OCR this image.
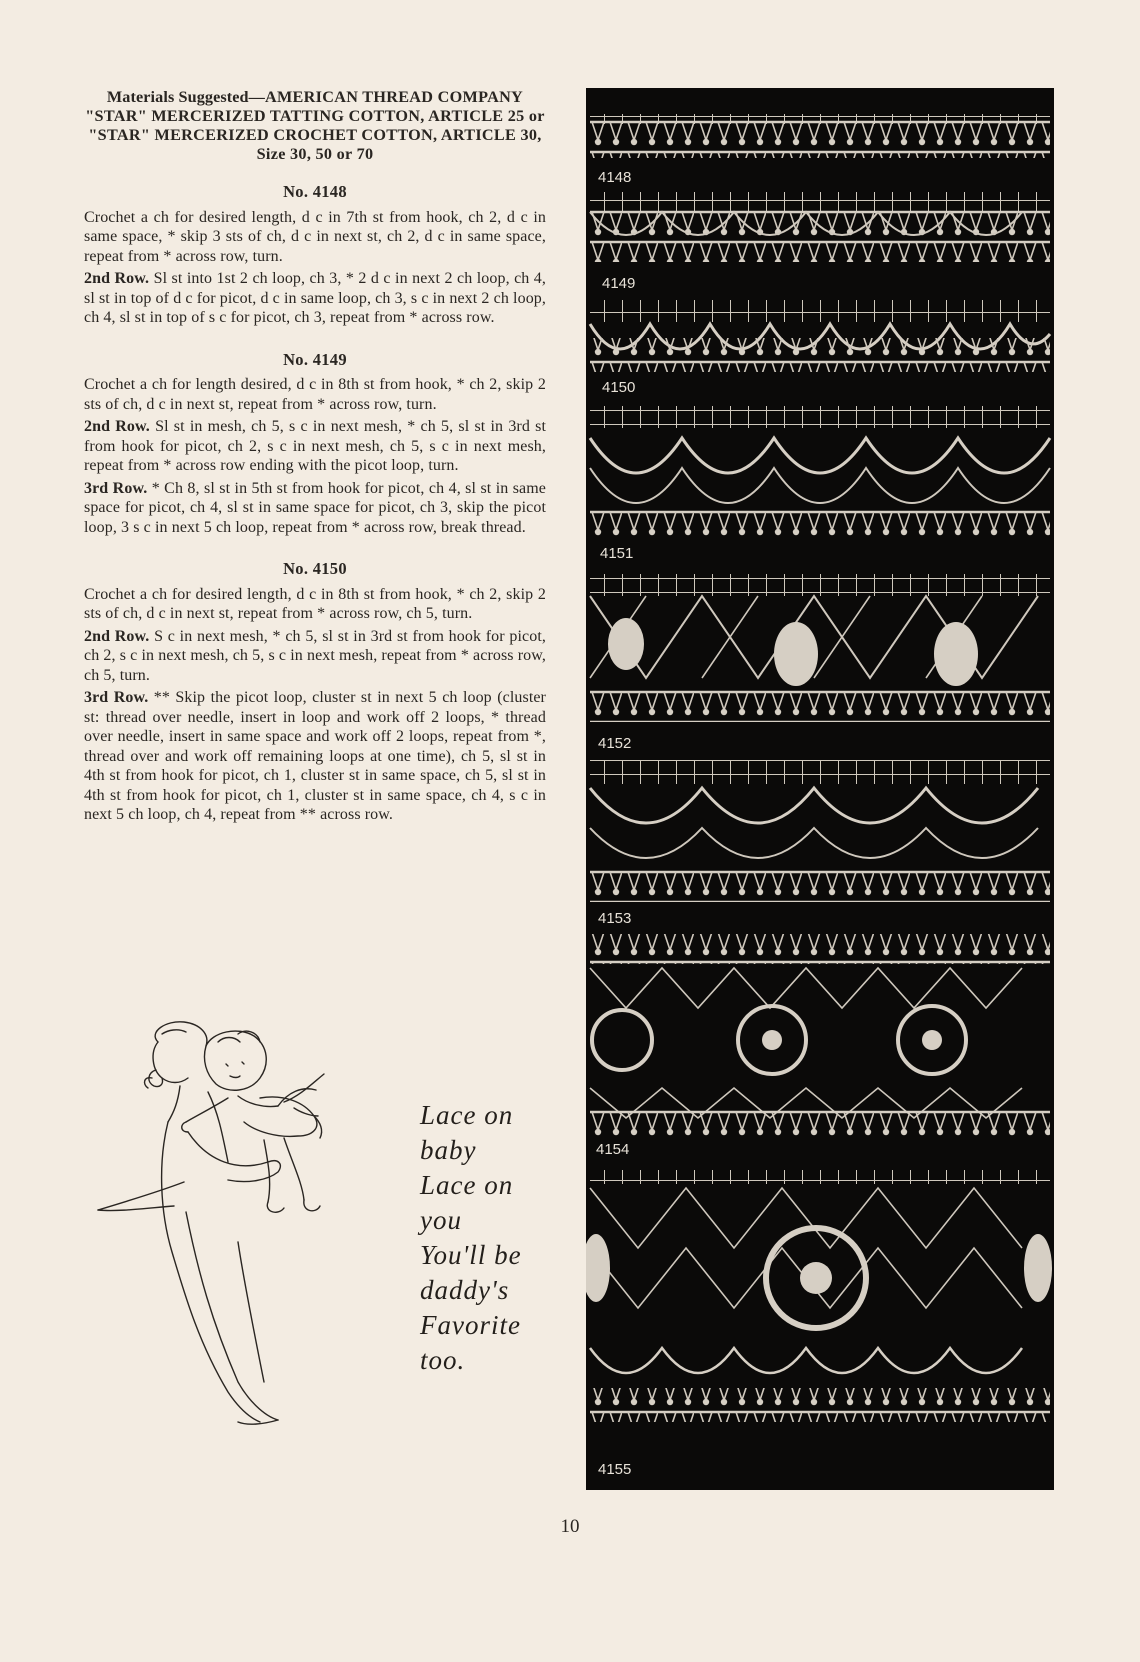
Materials Suggested—AMERICAN THREAD COMPANY "STAR" MERCERIZED TATTING COTTON, ARTICLE 25 or "STAR" MERCERIZED CROCHET COTTON, ARTICLE 30, Size 30, 50 or 70

No. 4148

Crochet a ch for desired length, d c in 7th st from hook, ch 2, d c in same space, * skip 3 sts of ch, d c in next st, ch 2, d c in same space, repeat from * across row, turn.

2nd Row. Sl st into 1st 2 ch loop, ch 3, * 2 d c in next 2 ch loop, ch 4, sl st in top of d c for picot, d c in same loop, ch 3, s c in next 2 ch loop, ch 4, sl st in top of s c for picot, ch 3, repeat from * across row.

No. 4149

Crochet a ch for length desired, d c in 8th st from hook, * ch 2, skip 2 sts of ch, d c in next st, repeat from * across row, turn.

2nd Row. Sl st in mesh, ch 5, s c in next mesh, * ch 5, sl st in 3rd st from hook for picot, ch 2, s c in next mesh, ch 5, s c in next mesh, repeat from * across row ending with the picot loop, turn.

3rd Row. * Ch 8, sl st in 5th st from hook for picot, ch 4, sl st in same space for picot, ch 4, sl st in same space for picot, ch 3, skip the picot loop, 3 s c in next 5 ch loop, repeat from * across row, break thread.

No. 4150

Crochet a ch for desired length, d c in 8th st from hook, * ch 2, skip 2 sts of ch, d c in next st, repeat from * across row, ch 5, turn.

2nd Row. S c in next mesh, * ch 5, sl st in 3rd st from hook for picot, ch 2, s c in next mesh, ch 5, s c in next mesh, repeat from * across row, ch 5, turn.

3rd Row. ** Skip the picot loop, cluster st in next 5 ch loop (cluster st: thread over needle, insert in loop and work off 2 loops, * thread over needle, insert in same space and work off 2 loops, repeat from *, thread over and work off remaining loops at one time), ch 5, sl st in 4th st from hook for picot, ch 1, cluster st in same space, ch 5, sl st in 4th st from hook for picot, ch 1, cluster st in same space, ch 4, s c in next 5 ch loop, ch 4, repeat from ** across row.

Lace on
baby
Lace on
you
You'll be
daddy's
Favorite
too.
4148
4149
4150
4151
4152
4153
4154
4155
10
